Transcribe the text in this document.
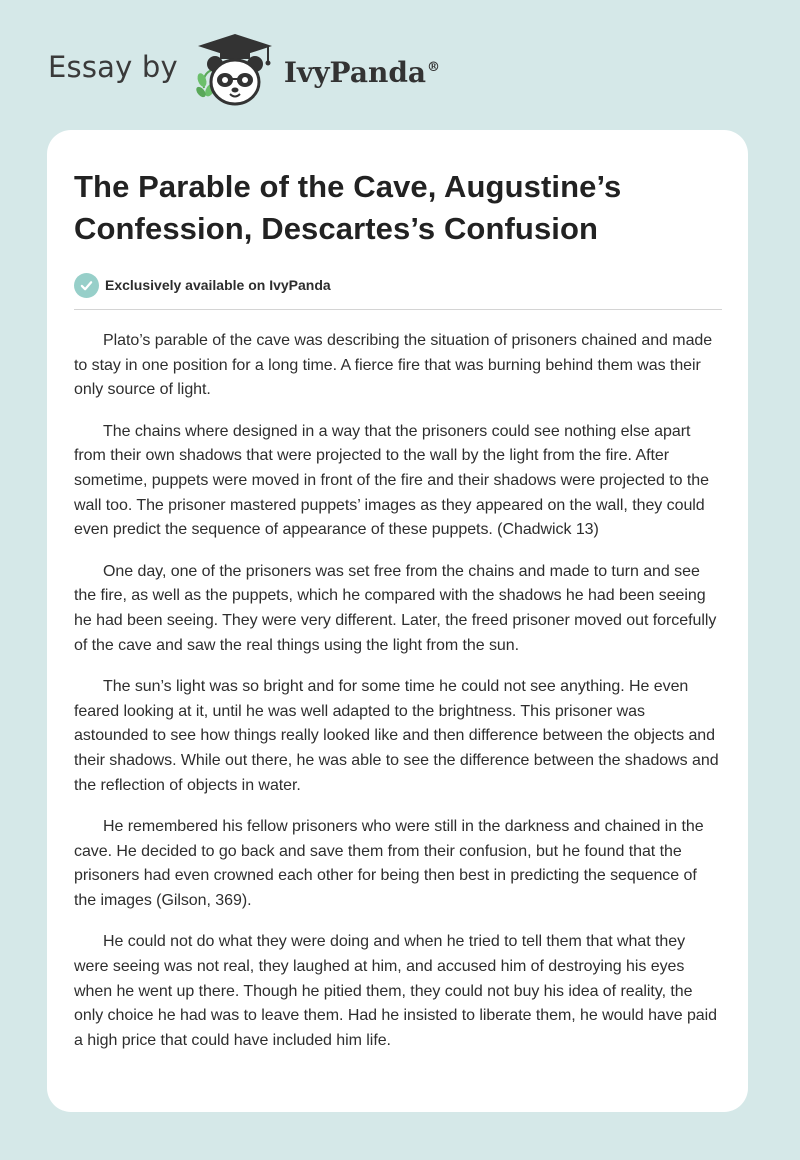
Essay by	IvyPanda®
The Parable of the Cave, Augustine’s Confession, Descartes’s Confusion
Exclusively available on IvyPanda

Plato’s parable of the cave was describing the situation of prisoners chained and made to stay in one position for a long time. A fierce fire that was burning behind them was their only source of light.

The chains where designed in a way that the prisoners could see nothing else apart from their own shadows that were projected to the wall by the light from the fire. After sometime, puppets were moved in front of the fire and their shadows were projected to the wall too. The prisoner mastered puppets’ images as they appeared on the wall, they could even predict the sequence of appearance of these puppets. (Chadwick 13)

One day, one of the prisoners was set free from the chains and made to turn and see the fire, as well as the puppets, which he compared with the shadows he had been seeing he had been seeing. They were very different. Later, the freed prisoner moved out forcefully of the cave and saw the real things using the light from the sun.

The sun’s light was so bright and for some time he could not see anything. He even feared looking at it, until he was well adapted to the brightness. This prisoner was astounded to see how things really looked like and then difference between the objects and their shadows. While out there, he was able to see the difference between the shadows and the reflection of objects in water.

He remembered his fellow prisoners who were still in the darkness and chained in the cave. He decided to go back and save them from their confusion, but he found that the prisoners had even crowned each other for being then best in predicting the sequence of the images (Gilson, 369).

He could not do what they were doing and when he tried to tell them that what they were seeing was not real, they laughed at him, and accused him of destroying his eyes when he went up there. Though he pitied them, they could not buy his idea of reality, the only choice he had was to leave them. Had he insisted to liberate them, he would have paid a high price that could have included him life.
